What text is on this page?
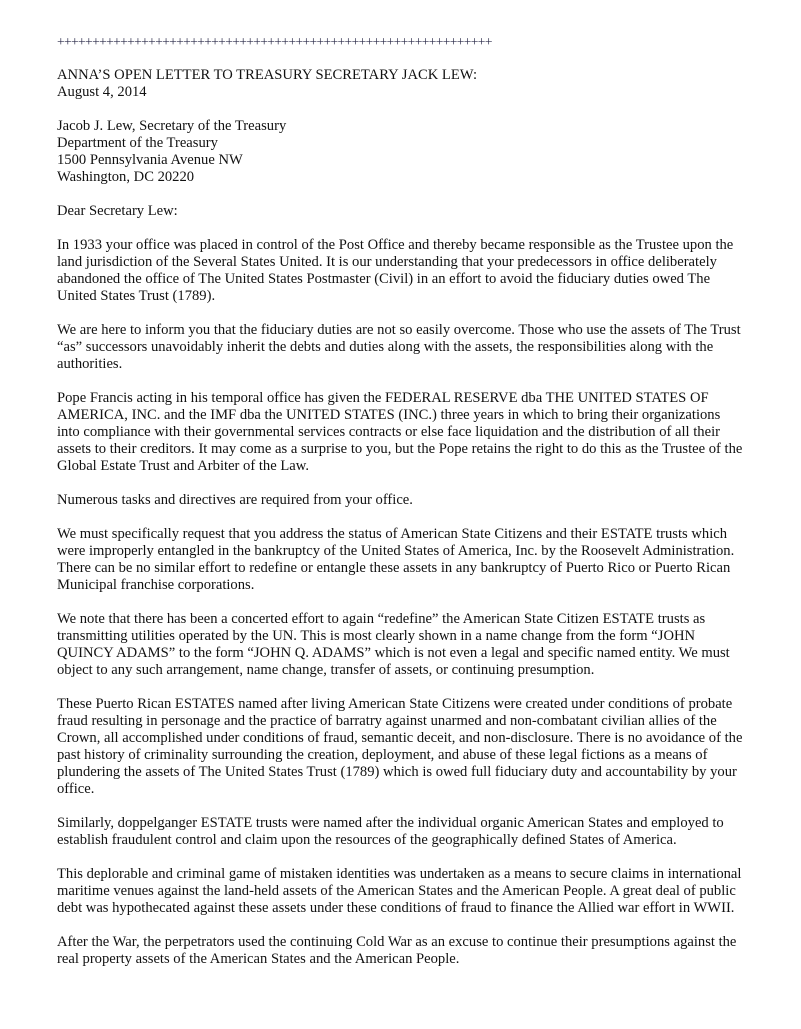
++++++++++++++++++++++++++++++++++++++++++++++++++++++++++++++
ANNA’S OPEN LETTER TO TREASURY SECRETARY JACK LEW:
August 4, 2014
Jacob J. Lew, Secretary of the Treasury
Department of the Treasury
1500 Pennsylvania Avenue NW
Washington, DC 20220
Dear Secretary Lew:

In 1933 your office was placed in control of the Post Office and thereby became responsible as the Trustee upon the
land jurisdiction of the Several States United. It is our understanding that your predecessors in office deliberately
abandoned the office of The United States Postmaster (Civil) in an effort to avoid the fiduciary duties owed The
United States Trust (1789).

We are here to inform you that the fiduciary duties are not so easily overcome. Those who use the assets of The Trust
“as” successors unavoidably inherit the debts and duties along with the assets, the responsibilities along with the
authorities.

Pope Francis acting in his temporal office has given the FEDERAL RESERVE dba THE UNITED STATES OF
AMERICA, INC. and the IMF dba the UNITED STATES (INC.) three years in which to bring their organizations
into compliance with their governmental services contracts or else face liquidation and the distribution of all their
assets to their creditors. It may come as a surprise to you, but the Pope retains the right to do this as the Trustee of the
Global Estate Trust and Arbiter of the Law.

Numerous tasks and directives are required from your office.

We must specifically request that you address the status of American State Citizens and their ESTATE trusts which
were improperly entangled in the bankruptcy of the United States of America, Inc. by the Roosevelt Administration.
There can be no similar effort to redefine or entangle these assets in any bankruptcy of Puerto Rico or Puerto Rican
Municipal franchise corporations.

We note that there has been a concerted effort to again “redefine” the American State Citizen ESTATE trusts as
transmitting utilities operated by the UN. This is most clearly shown in a name change from the form “JOHN
QUINCY ADAMS” to the form “JOHN Q. ADAMS” which is not even a legal and specific named entity. We must
object to any such arrangement, name change, transfer of assets, or continuing presumption.

These Puerto Rican ESTATES named after living American State Citizens were created under conditions of probate
fraud resulting in personage and the practice of barratry against unarmed and non-combatant civilian allies of the
Crown, all accomplished under conditions of fraud, semantic deceit, and non-disclosure. There is no avoidance of the
past history of criminality surrounding the creation, deployment, and abuse of these legal fictions as a means of
plundering the assets of The United States Trust (1789) which is owed full fiduciary duty and accountability by your
office.

Similarly, doppelganger ESTATE trusts were named after the individual organic American States and employed to
establish fraudulent control and claim upon the resources of the geographically defined States of America.

This deplorable and criminal game of mistaken identities was undertaken as a means to secure claims in international
maritime venues against the land-held assets of the American States and the American People. A great deal of public
debt was hypothecated against these assets under these conditions of fraud to finance the Allied war effort in WWII.

After the War, the perpetrators used the continuing Cold War as an excuse to continue their presumptions against the
real property assets of the American States and the American People.
